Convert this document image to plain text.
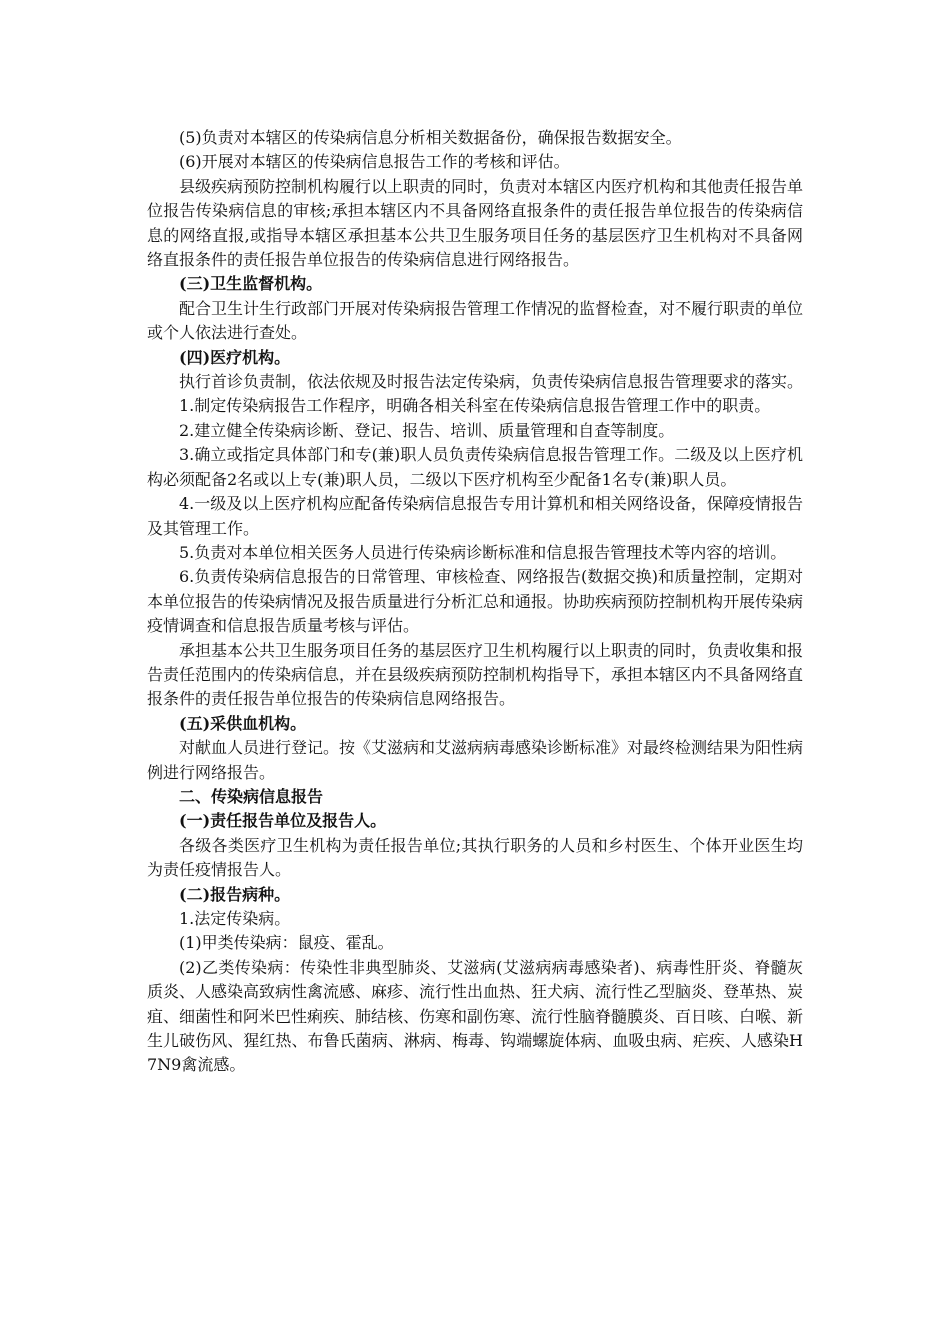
(5)负责对本辖区的传染病信息分析相关数据备份，确保报告数据安全。

(6)开展对本辖区的传染病信息报告工作的考核和评估。

县级疾病预防控制机构履行以上职责的同时，负责对本辖区内医疗机构和其他责任报告单位报告传染病信息的审核;承担本辖区内不具备网络直报条件的责任报告单位报告的传染病信息的网络直报,或指导本辖区承担基本公共卫生服务项目任务的基层医疗卫生机构对不具备网络直报条件的责任报告单位报告的传染病信息进行网络报告。

(三)卫生监督机构。

配合卫生计生行政部门开展对传染病报告管理工作情况的监督检查，对不履行职责的单位或个人依法进行查处。

(四)医疗机构。

执行首诊负责制，依法依规及时报告法定传染病，负责传染病信息报告管理要求的落实。

1.制定传染病报告工作程序，明确各相关科室在传染病信息报告管理工作中的职责。

2.建立健全传染病诊断、登记、报告、培训、质量管理和自查等制度。

3.确立或指定具体部门和专(兼)职人员负责传染病信息报告管理工作。二级及以上医疗机构必须配备2名或以上专(兼)职人员，二级以下医疗机构至少配备1名专(兼)职人员。

4.一级及以上医疗机构应配备传染病信息报告专用计算机和相关网络设备，保障疫情报告及其管理工作。

5.负责对本单位相关医务人员进行传染病诊断标准和信息报告管理技术等内容的培训。

6.负责传染病信息报告的日常管理、审核检查、网络报告(数据交换)和质量控制，定期对本单位报告的传染病情况及报告质量进行分析汇总和通报。协助疾病预防控制机构开展传染病疫情调查和信息报告质量考核与评估。

承担基本公共卫生服务项目任务的基层医疗卫生机构履行以上职责的同时，负责收集和报告责任范围内的传染病信息，并在县级疾病预防控制机构指导下，承担本辖区内不具备网络直报条件的责任报告单位报告的传染病信息网络报告。

(五)采供血机构。

对献血人员进行登记。按《艾滋病和艾滋病病毒感染诊断标准》对最终检测结果为阳性病例进行网络报告。

二、传染病信息报告

(一)责任报告单位及报告人。

各级各类医疗卫生机构为责任报告单位;其执行职务的人员和乡村医生、个体开业医生均为责任疫情报告人。

(二)报告病种。

1.法定传染病。

(1)甲类传染病：鼠疫、霍乱。

(2)乙类传染病：传染性非典型肺炎、艾滋病(艾滋病病毒感染者)、病毒性肝炎、脊髓灰质炎、人感染高致病性禽流感、麻疹、流行性出血热、狂犬病、流行性乙型脑炎、登革热、炭疽、细菌性和阿米巴性痢疾、肺结核、伤寒和副伤寒、流行性脑脊髓膜炎、百日咳、白喉、新生儿破伤风、猩红热、布鲁氏菌病、淋病、梅毒、钩端螺旋体病、血吸虫病、疟疾、人感染H7N9禽流感。
